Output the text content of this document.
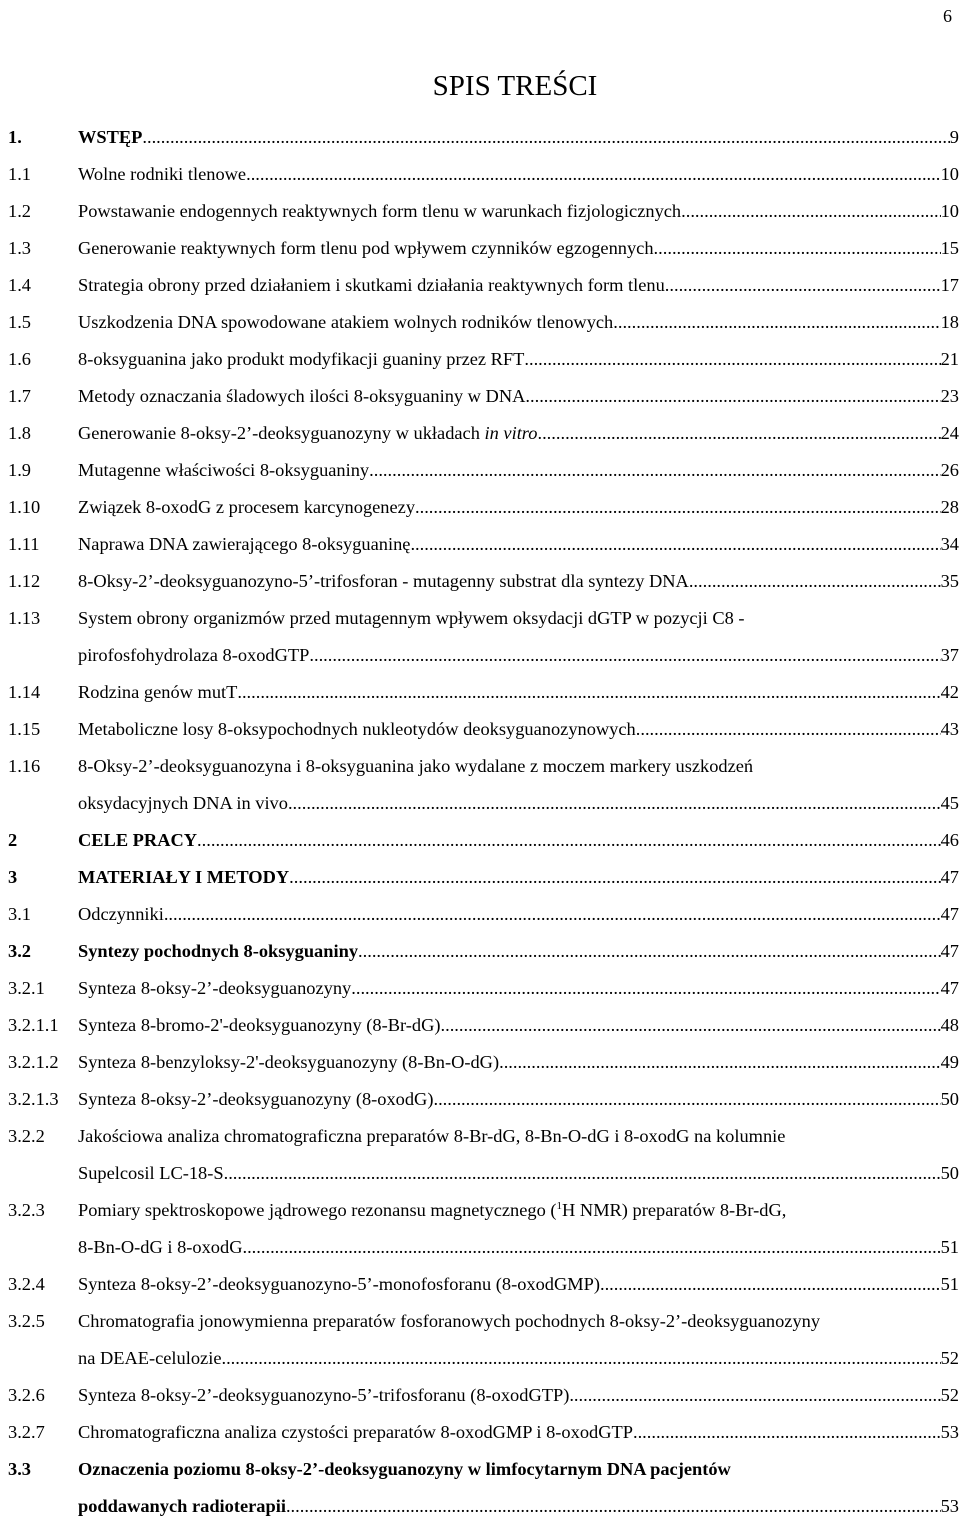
6
SPIS TREŚCI
1.	WSTĘP .....	9
1.1	Wolne rodniki tlenowe .....	10
1.2	Powstawanie endogennych reaktywnych form tlenu w warunkach fizjologicznych .....	10
1.3	Generowanie reaktywnych form tlenu pod wpływem czynników egzogennych .....	15
1.4	Strategia obrony przed działaniem i skutkami działania reaktywnych form tlenu .....	17
1.5	Uszkodzenia DNA spowodowane atakiem wolnych rodników tlenowych .....	18
1.6	8-oksyguanina jako produkt modyfikacji guaniny przez RFT .....	21
1.7	Metody oznaczania śladowych ilości 8-oksyguaniny w DNA .....	23
1.8	Generowanie 8-oksy-2’-deoksyguanozyny w układach in vitro .....	24
1.9	Mutagenne właściwości 8-oksyguaniny .....	26
1.10 Związek 8-oxodG z procesem karcynogenezy .....	28
1.11 Naprawa DNA zawierającego 8-oksyguaninę .....	34
1.12 8-Oksy-2’-deoksyguanozyno-5’-trifosforan - mutagenny substrat dla syntezy DNA .....	35
1.13 System obrony organizmów przed mutagennym wpływem oksydacji dGTP w pozycji C8 -
pirofosfohydrolaza 8-oxodGTP .....	37
1.14 Rodzina genów mutT .....	42
1.15 Metaboliczne losy 8-oksypochodnych nukleotydów deoksyguanozynowych .....	43
1.16 8-Oksy-2’-deoksyguanozyna i 8-oksyguanina jako wydalane z moczem markery uszkodzeń
oksydacyjnych DNA in vivo .....	45
2	CELE PRACY .....	46
3	MATERIAŁY I METODY .....	47
3.1	Odczynniki .....	47
3.2	Syntezy pochodnych 8-oksyguaniny .....	47
3.2.1 Synteza 8-oksy-2’-deoksyguanozyny .....	47
3.2.1.1 Synteza 8-bromo-2'-deoksyguanozyny (8-Br-dG) .....	48
3.2.1.2 Synteza 8-benzyloksy-2'-deoksyguanozyny (8-Bn-O-dG) .....	49
3.2.1.3 Synteza 8-oksy-2’-deoksyguanozyny (8-oxodG) .....	50
3.2.2 Jakościowa analiza chromatograficzna preparatów 8-Br-dG, 8-Bn-O-dG i 8-oxodG na kolumnie
Supelcosil LC-18-S .....	50
3.2.3 Pomiary spektroskopowe jądrowego rezonansu magnetycznego ($^1$H NMR) preparatów 8-Br-dG,
8-Bn-O-dG i 8-oxodG .....	51
3.2.4 Synteza 8-oksy-2’-deoksyguanozyno-5’-monofosforanu (8-oxodGMP) .....	51
3.2.5 Chromatografia jonowymienna preparatów fosforanowych pochodnych 8-oksy-2’-deoksyguanozyny
na DEAE-celulozie .....	52
3.2.6 Synteza 8-oksy-2’-deoksyguanozyno-5’-trifosforanu (8-oxodGTP) .....	52
3.2.7 Chromatograficzna analiza czystości preparatów 8-oxodGMP i 8-oxodGTP .....	53
3.3	Oznaczenia poziomu 8-oksy-2’-deoksyguanozyny w limfocytarnym DNA pacjentów
poddawanych radioterapii .....	53
